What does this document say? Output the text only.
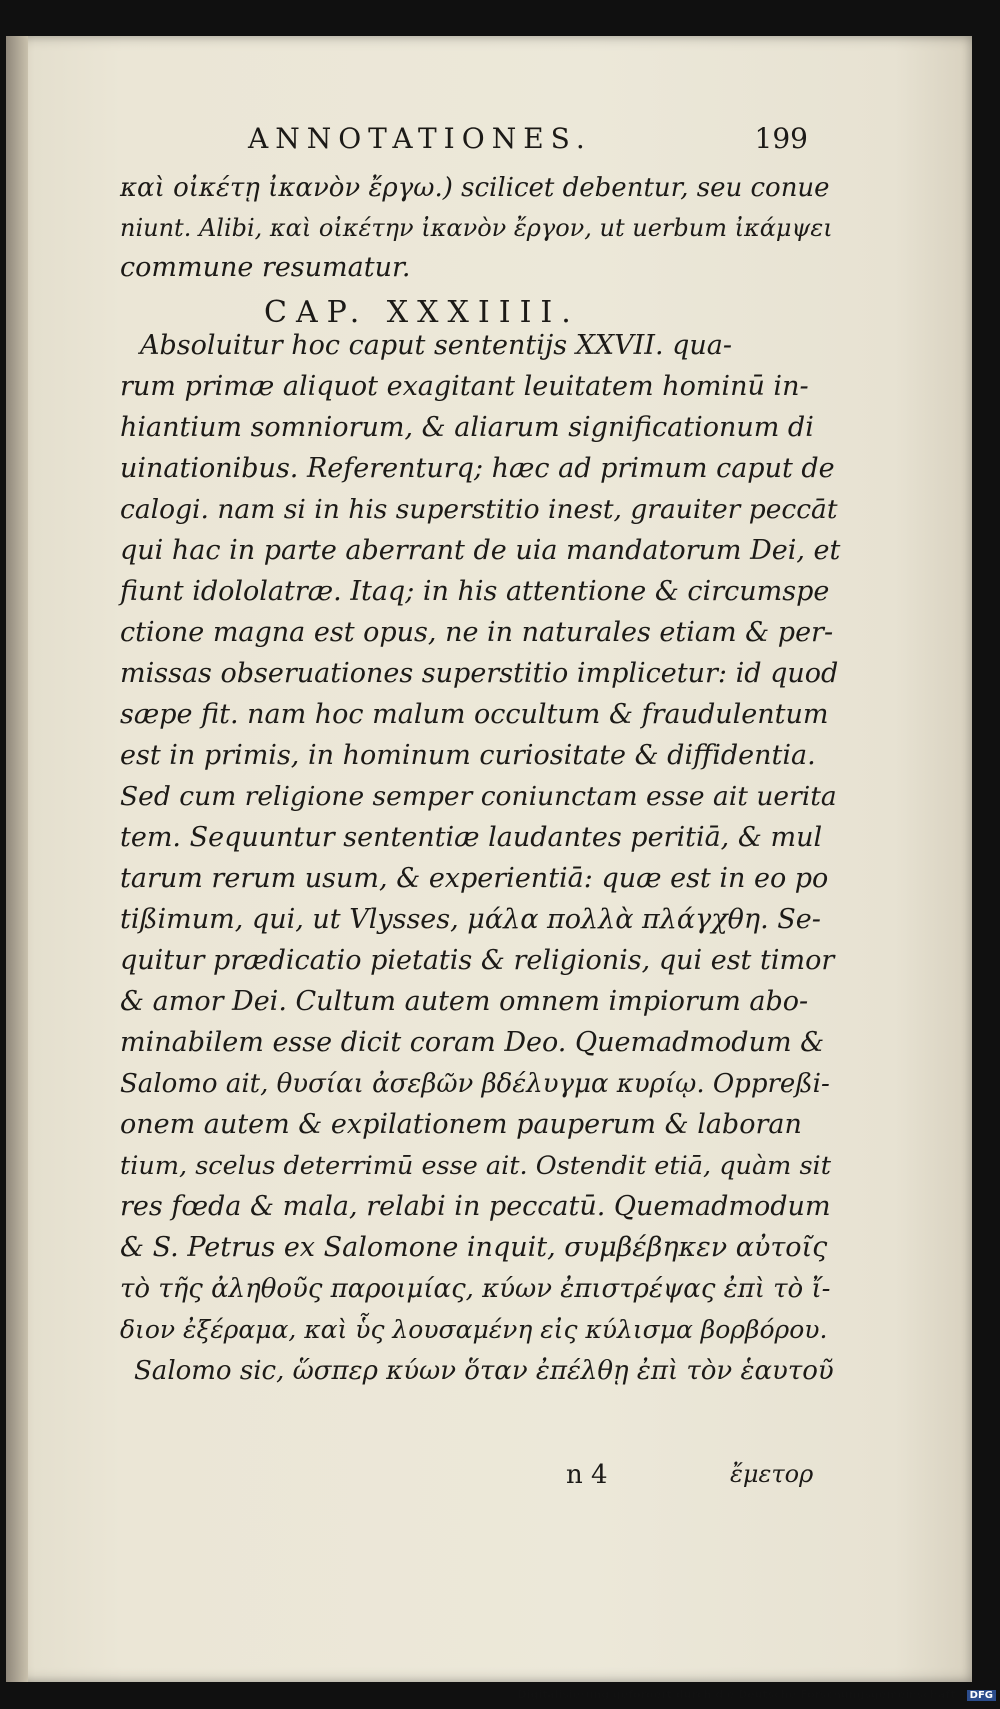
ANNOTATIONES.	199
καὶ οἰκέτῃ ἰκανὸν ἔργω.) scilicet debentur, seu conue
niunt. Alibi, καὶ οἰκέτην ἰκανὸν ἔργον, ut uerbum ἰκάμψει
commune resumatur.
Absoluitur hoc caput sententijs XXVII. qua-
rum primæ aliquot exagitant leuitatem hominū in-
hiantium somniorum, & aliarum significationum di
uinationibus. Referenturq; hæc ad primum caput de
calogi. nam si in his superstitio inest, grauiter peccāt
qui hac in parte aberrant de uia mandatorum Dei, et
fiunt idololatræ. Itaq; in his attentione & circumspe
ctione magna est opus, ne in naturales etiam & per-
missas obseruationes superstitio implicetur: id quod
sæpe fit. nam hoc malum occultum & fraudulentum
est in primis, in hominum curiositate & diffidentia.
Sed cum religione semper coniunctam esse ait uerita
tem. Sequuntur sententiæ laudantes peritiā, & mul
tarum rerum usum, & experientiā: quæ est in eo po
tißimum, qui, ut Vlysses, μάλα πολλὰ πλάγχθη. Se-
quitur prædicatio pietatis & religionis, qui est timor
& amor Dei. Cultum autem omnem impiorum abo-
minabilem esse dicit coram Deo. Quemadmodum &
Salomo ait, θυσίαι ἀσεβῶν βδέλυγμα κυρίῳ. Oppreßi-
onem autem & expilationem pauperum & laboran
tium, scelus deterrimū esse ait. Ostendit etiā, quàm sit
res fœda & mala, relabi in peccatū. Quemadmodum
& S. Petrus ex Salomone inquit, συμβέβηκεν αὐτοῖς
τὸ τῆς ἀληθοῦς παροιμίας, κύων ἐπιστρέψας ἐπὶ τὸ ἴ-
διον ἐξέραμα, καὶ ὗς λουσαμένη εἰς κύλισμα βορβόρου.
Salomo sic, ὥσπερ κύων ὅταν ἐπέλθῃ ἐπὶ τὸν ἑαυτοῦ
CAP. XXXIIII.
n 4	ἔμετορ
Digitalisierung gefördert durch die Deutsche Forschungsgemeinschaft - DFG
